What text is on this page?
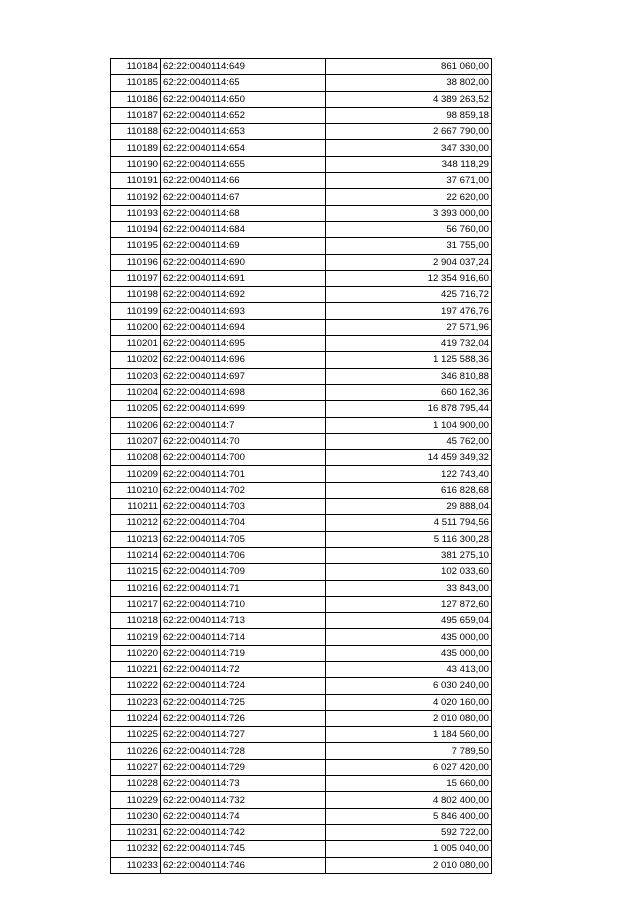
110184	62:22:0040114:649	861 060,00
110185	62:22:0040114:65	38 802,00
110186	62:22:0040114:650	4 389 263,52
110187	62:22:0040114:652	98 859,18
110188	62:22:0040114:653	2 667 790,00
110189	62:22:0040114:654	347 330,00
110190	62:22:0040114:655	348 118,29
110191	62:22:0040114:66	37 671,00
110192	62:22:0040114:67	22 620,00
110193	62:22:0040114:68	3 393 000,00
110194	62:22:0040114:684	56 760,00
110195	62:22:0040114:69	31 755,00
110196	62:22:0040114:690	2 904 037,24
110197	62:22:0040114:691	12 354 916,60
110198	62:22:0040114:692	425 716,72
110199	62:22:0040114:693	197 476,76
110200	62:22:0040114:694	27 571,96
110201	62:22:0040114:695	419 732,04
110202	62:22:0040114:696	1 125 588,36
110203	62:22:0040114:697	346 810,88
110204	62:22:0040114:698	660 162,36
110205	62:22:0040114:699	16 878 795,44
110206	62:22:0040114:7	1 104 900,00
110207	62:22:0040114:70	45 762,00
110208	62:22:0040114:700	14 459 349,32
110209	62:22:0040114:701	122 743,40
110210	62:22:0040114:702	616 828,68
110211	62:22:0040114:703	29 888,04
110212	62:22:0040114:704	4 511 794,56
110213	62:22:0040114:705	5 116 300,28
110214	62:22:0040114:706	381 275,10
110215	62:22:0040114:709	102 033,60
110216	62:22:0040114:71	33 843,00
110217	62:22:0040114:710	127 872,60
110218	62:22:0040114:713	495 659,04
110219	62:22:0040114:714	435 000,00
110220	62:22:0040114:719	435 000,00
110221	62:22:0040114:72	43 413,00
110222	62:22:0040114:724	6 030 240,00
110223	62:22:0040114:725	4 020 160,00
110224	62:22:0040114:726	2 010 080,00
110225	62:22:0040114:727	1 184 560,00
110226	62:22:0040114:728	7 789,50
110227	62:22:0040114:729	6 027 420,00
110228	62:22:0040114:73	15 660,00
110229	62:22:0040114:732	4 802 400,00
110230	62:22:0040114:74	5 846 400,00
110231	62:22:0040114:742	592 722,00
110232	62:22:0040114:745	1 005 040,00
110233	62:22:0040114:746	2 010 080,00
